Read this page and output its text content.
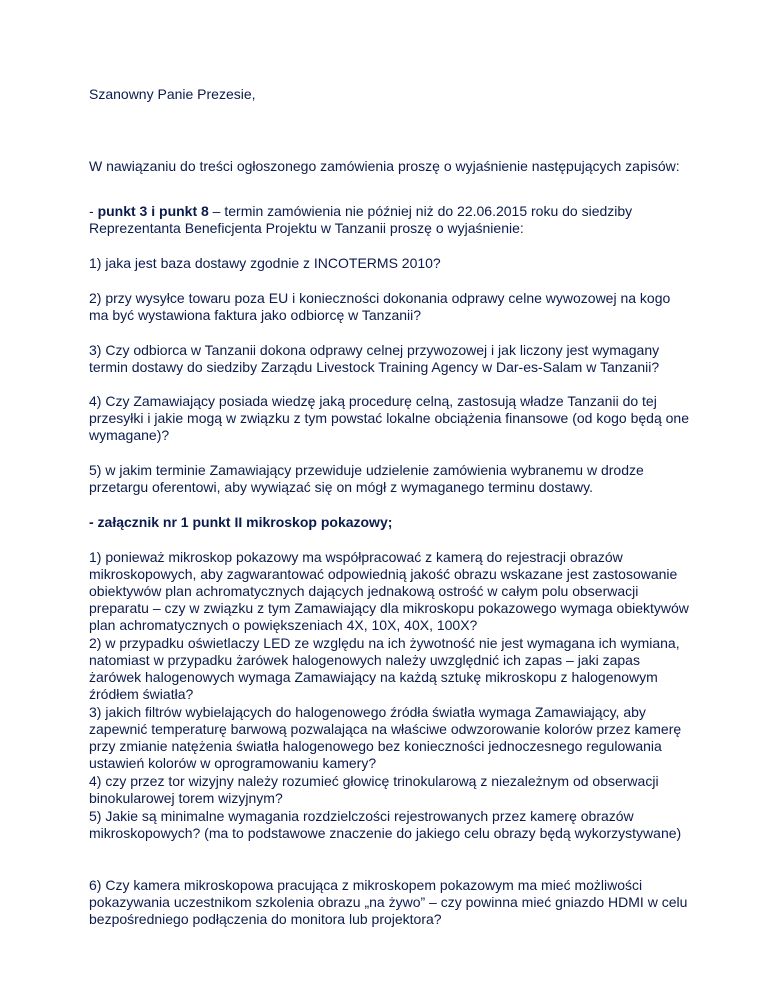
Szanowny Panie Prezesie,

W nawiązaniu do treści ogłoszonego zamówienia proszę o wyjaśnienie następujących zapisów:

- punkt 3 i punkt 8 – termin zamówienia nie później niż do 22.06.2015 roku do siedziby Reprezentanta Beneficjenta Projektu w Tanzanii proszę o wyjaśnienie:

1) jaka jest baza dostawy zgodnie z INCOTERMS 2010?

2) przy wysyłce towaru poza EU i konieczności dokonania odprawy celne wywozowej na kogo ma być wystawiona faktura jako odbiorcę w Tanzanii?

3) Czy odbiorca w Tanzanii dokona odprawy celnej przywozowej i jak liczony jest wymagany termin dostawy do siedziby Zarządu Livestock Training Agency w Dar-es-Salam w Tanzanii?

4) Czy Zamawiający posiada wiedzę jaką procedurę celną, zastosują władze Tanzanii do tej przesyłki i jakie mogą w związku z tym powstać lokalne obciążenia finansowe (od kogo będą one wymagane)?

5) w jakim terminie Zamawiający przewiduje udzielenie zamówienia wybranemu w drodze przetargu oferentowi, aby wywiązać się on mógł z wymaganego terminu dostawy.

- załącznik nr 1 punkt II mikroskop pokazowy;

1) ponieważ mikroskop pokazowy ma współpracować z kamerą do rejestracji obrazów mikroskopowych, aby zagwarantować odpowiednią jakość obrazu wskazane jest zastosowanie obiektywów plan achromatycznych dających jednakową ostrość w całym polu obserwacji preparatu – czy w związku z tym Zamawiający dla mikroskopu pokazowego wymaga obiektywów plan achromatycznych o powiększeniach 4X, 10X, 40X, 100X?

2) w przypadku oświetlaczy LED ze względu na ich żywotność nie jest wymagana ich wymiana, natomiast w przypadku żarówek halogenowych należy uwzględnić ich zapas – jaki zapas żarówek halogenowych wymaga Zamawiający na każdą sztukę mikroskopu z halogenowym źródłem światła?

3) jakich filtrów wybielających do halogenowego źródła światła wymaga Zamawiający, aby zapewnić temperaturę barwową pozwalająca na właściwe odwzorowanie kolorów przez kamerę przy zmianie natężenia światła halogenowego bez konieczności jednoczesnego regulowania ustawień kolorów w oprogramowaniu kamery?

4) czy przez tor wizyjny należy rozumieć głowicę trinokularową z niezależnym od obserwacji binokularowej torem wizyjnym?

5) Jakie są minimalne wymagania rozdzielczości rejestrowanych przez kamerę obrazów mikroskopowych? (ma to podstawowe znaczenie do jakiego celu obrazy będą wykorzystywane)

6) Czy kamera mikroskopowa pracująca z mikroskopem pokazowym ma mieć możliwości pokazywania uczestnikom szkolenia obrazu „na żywo” – czy powinna mieć gniazdo HDMI w celu bezpośredniego podłączenia do monitora lub projektora?
